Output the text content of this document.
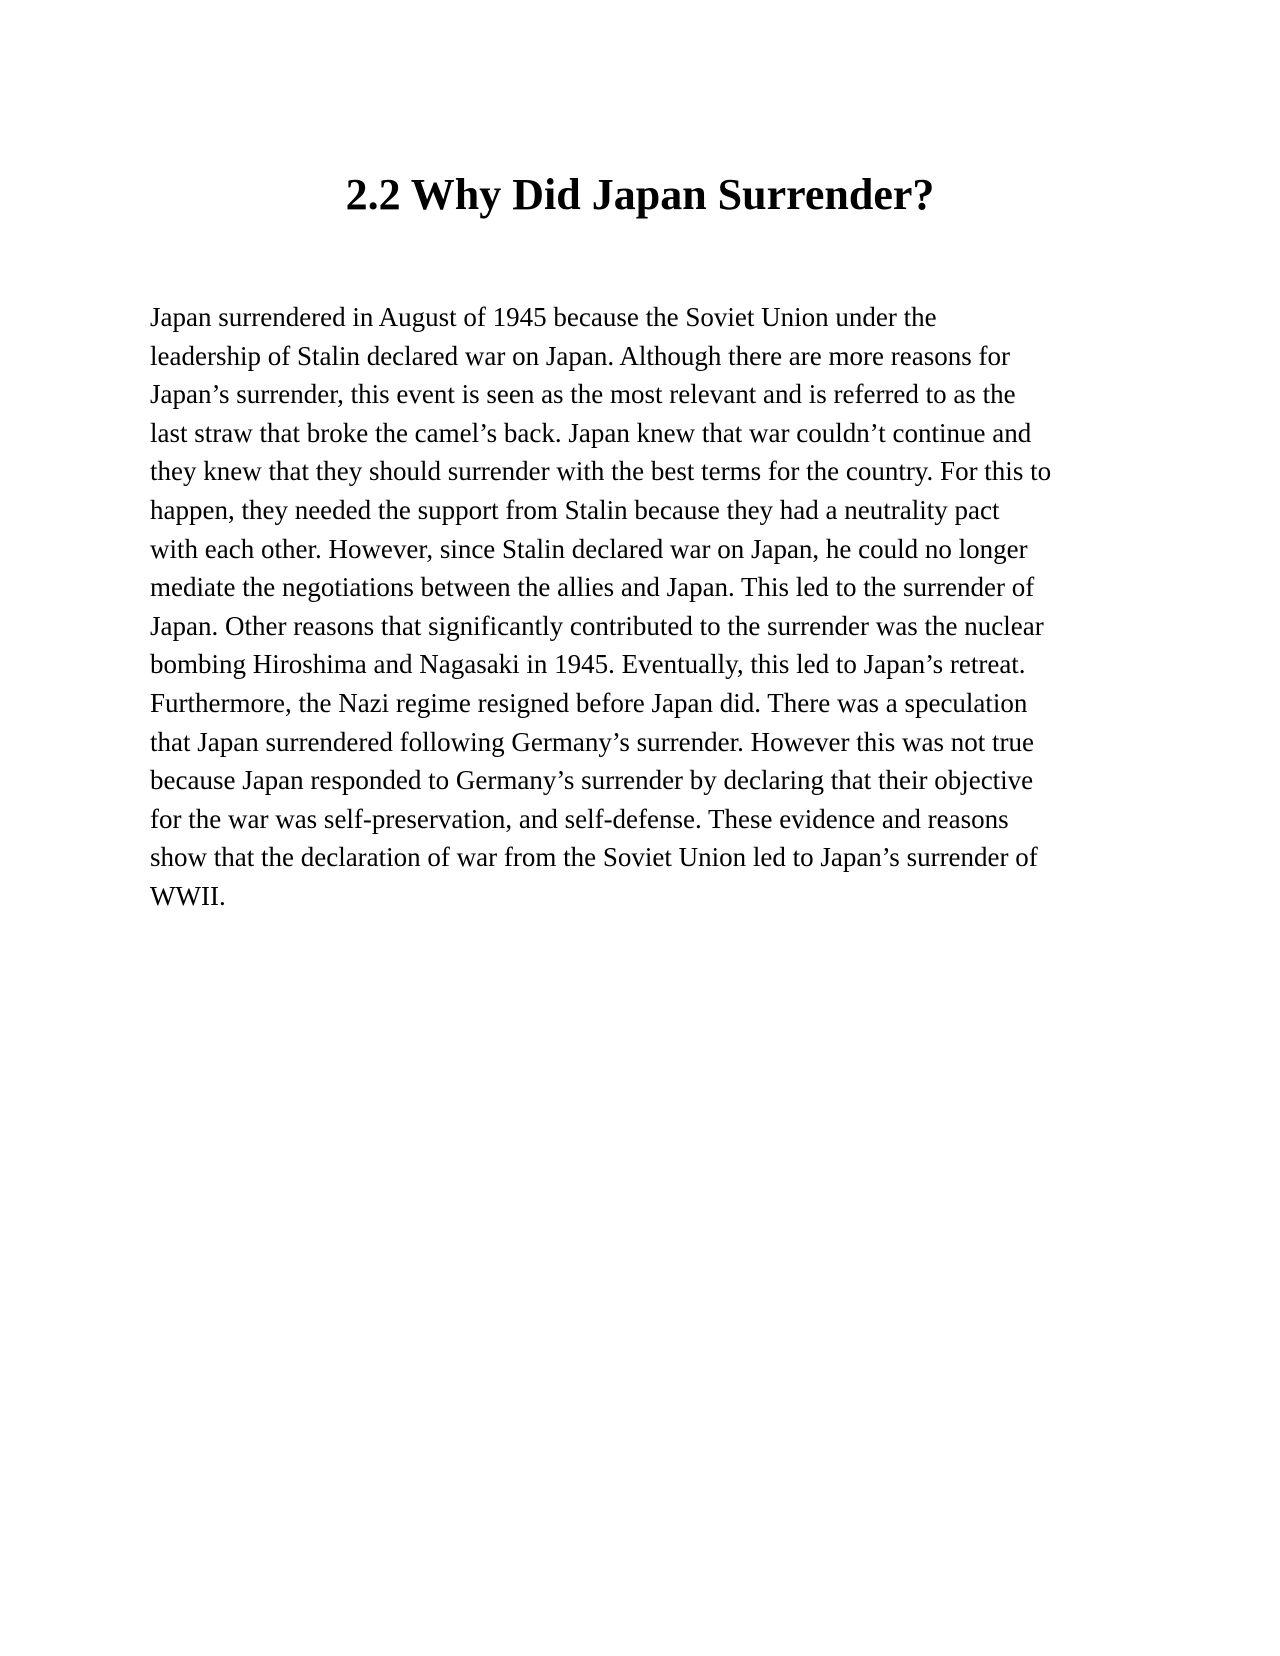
2.2 Why Did Japan Surrender?
Japan surrendered in August of 1945 because the Soviet Union under the
leadership of Stalin declared war on Japan. Although there are more reasons for
Japan’s surrender, this event is seen as the most relevant and is referred to as the
last straw that broke the camel’s back. Japan knew that war couldn’t continue and
they knew that they should surrender with the best terms for the country. For this to
happen, they needed the support from Stalin because they had a neutrality pact
with each other. However, since Stalin declared war on Japan, he could no longer
mediate the negotiations between the allies and Japan. This led to the surrender of
Japan. Other reasons that significantly contributed to the surrender was the nuclear
bombing Hiroshima and Nagasaki in 1945. Eventually, this led to Japan’s retreat.
Furthermore, the Nazi regime resigned before Japan did. There was a speculation
that Japan surrendered following Germany’s surrender. However this was not true
because Japan responded to Germany’s surrender by declaring that their objective
for the war was self-preservation, and self-defense. These evidence and reasons
show that the declaration of war from the Soviet Union led to Japan’s surrender of
WWII.
